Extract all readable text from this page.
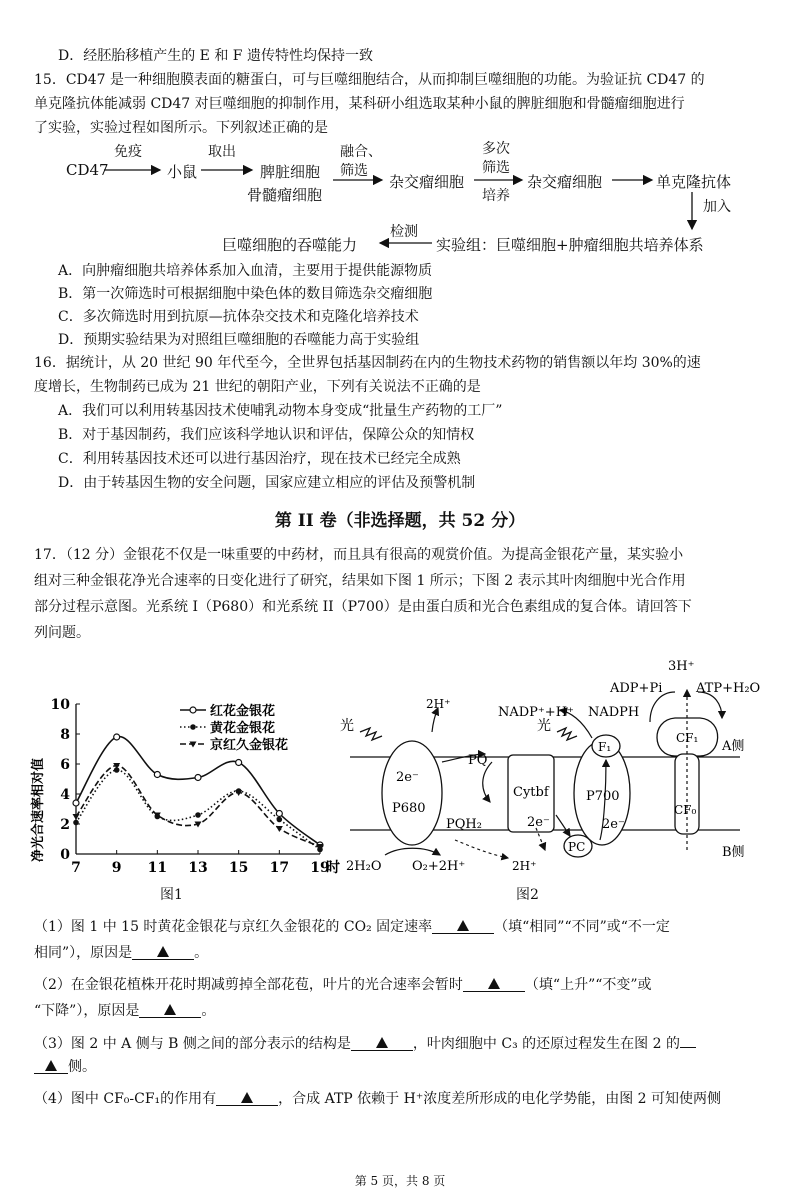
D．经胚胎移植产生的 E 和 F 遗传特性均保持一致
15．CD47 是一种细胞膜表面的糖蛋白，可与巨噬细胞结合，从而抑制巨噬细胞的功能。为验证抗 CD47 的
单克隆抗体能减弱 CD47 对巨噬细胞的抑制作用，某科研小组选取某种小鼠的脾脏细胞和骨髓瘤细胞进行
了实验，实验过程如图所示。下列叙述正确的是
CD47
免疫
小鼠
取出
脾脏细胞
骨髓瘤细胞
融合、
筛选
杂交瘤细胞
多次
筛选
培养
杂交瘤细胞	单克隆抗体
加入
检测
巨噬细胞的吞噬能力	实验组：巨噬细胞+肿瘤细胞共培养体系
A．向肿瘤细胞共培养体系加入血清，主要用于提供能源物质
B．第一次筛选时可根据细胞中染色体的数目筛选杂交瘤细胞
C．多次筛选时用到抗原—抗体杂交技术和克隆化培养技术
D．预期实验结果为对照组巨噬细胞的吞噬能力高于实验组
16．据统计，从 20 世纪 90 年代至今，全世界包括基因制药在内的生物技术药物的销售额以年均 30%的速
度增长，生物制药已成为 21 世纪的朝阳产业，下列有关说法不正确的是
A．我们可以利用转基因技术使哺乳动物本身变成“批量生产药物的工厂”
B．对于基因制药，我们应该科学地认识和评估，保障公众的知情权
C．利用转基因技术还可以进行基因治疗，现在技术已经完全成熟
D．由于转基因生物的安全问题，国家应建立相应的评估及预警机制
第 II 卷（非选择题，共 52 分）
17．（12 分）金银花不仅是一味重要的中药材，而且具有很高的观赏价值。为提高金银花产量，某实验小
组对三种金银花净光合速率的日变化进行了研究，结果如下图 1 所示；下图 2 表示其叶肉细胞中光合作用
部分过程示意图。光系统 I（P680）和光系统 II（P700）是由蛋白质和光合色素组成的复合体。请回答下
列问题。
0
2
4
6
8
10
7 9 11 13 15 17 19
时
红花金银花
黄花金银花
京红久金银花
净光合速率相对值
图1
光	光
2H⁺
2e⁻
P680
PQ
PQH₂
Cytbf
2e⁻
P700
2e⁻
F₁
PC
NADP⁺+H⁺ NADPH
ADP+Pi	ATP+H₂O
3H⁺
CF₁
CF₀
A侧
B侧
2H₂O O₂+2H⁺	2H⁺
图2
（1）图 1 中 15 时黄花金银花与京红久金银花的 CO₂ 固定速率	（填“相同”“不同”或“不一定
相同”），原因是	。
（2）在金银花植株开花时期减剪掉全部花苞，叶片的光合速率会暂时	（填“上升”“不变”或
“下降”），原因是	。
（3）图 2 中 A 侧与 B 侧之间的部分表示的结构是	，叶肉细胞中 C₃ 的还原过程发生在图 2 的
侧。
（4）图中 CF₀-CF₁的作用有	，合成 ATP 依赖于 H⁺浓度差所形成的电化学势能，由图 2 可知使两侧
第 5 页，共 8 页
